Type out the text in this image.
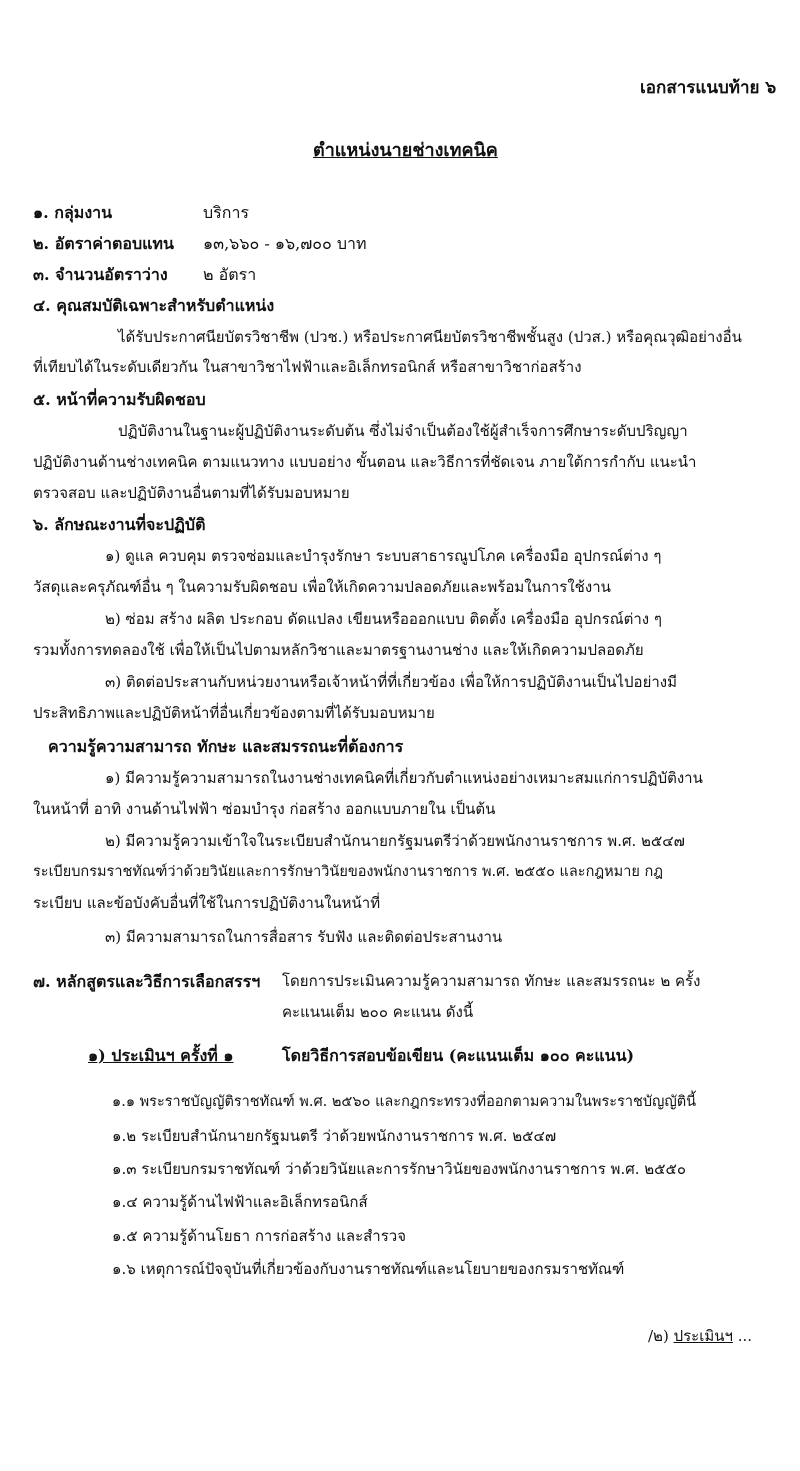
เอกสารแนบท้าย ๖
ตำแหน่งนายช่างเทคนิค
๑. กลุ่มงาน	บริการ
๒. อัตราค่าตอบแทน ๑๓,๖๖๐ - ๑๖,๗๐๐ บาท
๓. จำนวนอัตราว่าง ๒ อัตรา
๔. คุณสมบัติเฉพาะสำหรับตำแหน่ง
ได้รับประกาศนียบัตรวิชาชีพ (ปวช.) หรือประกาศนียบัตรวิชาชีพชั้นสูง (ปวส.) หรือคุณวุฒิอย่างอื่น
ที่เทียบได้ในระดับเดียวกัน ในสาขาวิชาไฟฟ้าและอิเล็กทรอนิกส์ หรือสาขาวิชาก่อสร้าง
๕. หน้าที่ความรับผิดชอบ
ปฏิบัติงานในฐานะผู้ปฏิบัติงานระดับต้น ซึ่งไม่จำเป็นต้องใช้ผู้สำเร็จการศึกษาระดับปริญญา
ปฏิบัติงานด้านช่างเทคนิค ตามแนวทาง แบบอย่าง ขั้นตอน และวิธีการที่ชัดเจน ภายใต้การกำกับ แนะนำ
ตรวจสอบ และปฏิบัติงานอื่นตามที่ได้รับมอบหมาย
๖. ลักษณะงานที่จะปฏิบัติ
๑) ดูแล ควบคุม ตรวจซ่อมและบำรุงรักษา ระบบสาธารณูปโภค เครื่องมือ อุปกรณ์ต่าง ๆ
วัสดุและครุภัณฑ์อื่น ๆ ในความรับผิดชอบ เพื่อให้เกิดความปลอดภัยและพร้อมในการใช้งาน
๒) ซ่อม สร้าง ผลิต ประกอบ ดัดแปลง เขียนหรือออกแบบ ติดตั้ง เครื่องมือ อุปกรณ์ต่าง ๆ
รวมทั้งการทดลองใช้ เพื่อให้เป็นไปตามหลักวิชาและมาตรฐานงานช่าง และให้เกิดความปลอดภัย
๓) ติดต่อประสานกับหน่วยงานหรือเจ้าหน้าที่ที่เกี่ยวข้อง เพื่อให้การปฏิบัติงานเป็นไปอย่างมี
ประสิทธิภาพและปฏิบัติหน้าที่อื่นเกี่ยวข้องตามที่ได้รับมอบหมาย
ความรู้ความสามารถ ทักษะ และสมรรถนะที่ต้องการ
๑) มีความรู้ความสามารถในงานช่างเทคนิคที่เกี่ยวกับตำแหน่งอย่างเหมาะสมแก่การปฏิบัติงาน
ในหน้าที่ อาทิ งานด้านไฟฟ้า ซ่อมบำรุง ก่อสร้าง ออกแบบภายใน เป็นต้น
๒) มีความรู้ความเข้าใจในระเบียบสำนักนายกรัฐมนตรีว่าด้วยพนักงานราชการ พ.ศ. ๒๕๔๗
ระเบียบกรมราชทัณฑ์ว่าด้วยวินัยและการรักษาวินัยของพนักงานราชการ พ.ศ. ๒๕๕๐ และกฎหมาย กฎ
ระเบียบ และข้อบังคับอื่นที่ใช้ในการปฏิบัติงานในหน้าที่
๓) มีความสามารถในการสื่อสาร รับฟัง และติดต่อประสานงาน
๗. หลักสูตรและวิธีการเลือกสรรฯ โดยการประเมินความรู้ความสามารถ ทักษะ และสมรรถนะ ๒ ครั้ง
คะแนนเต็ม ๒๐๐ คะแนน ดังนี้
๑) ประเมินฯ ครั้งที่ ๑	โดยวิธีการสอบข้อเขียน (คะแนนเต็ม ๑๐๐ คะแนน)
๑.๑ พระราชบัญญัติราชทัณฑ์ พ.ศ. ๒๕๖๐ และกฎกระทรวงที่ออกตามความในพระราชบัญญัตินี้
๑.๒ ระเบียบสำนักนายกรัฐมนตรี ว่าด้วยพนักงานราชการ พ.ศ. ๒๕๔๗
๑.๓ ระเบียบกรมราชทัณฑ์ ว่าด้วยวินัยและการรักษาวินัยของพนักงานราชการ พ.ศ. ๒๕๕๐
๑.๔ ความรู้ด้านไฟฟ้าและอิเล็กทรอนิกส์
๑.๕ ความรู้ด้านโยธา การก่อสร้าง และสำรวจ
๑.๖ เหตุการณ์ปัจจุบันที่เกี่ยวข้องกับงานราชทัณฑ์และนโยบายของกรมราชทัณฑ์
/๒) ประเมินฯ ...
